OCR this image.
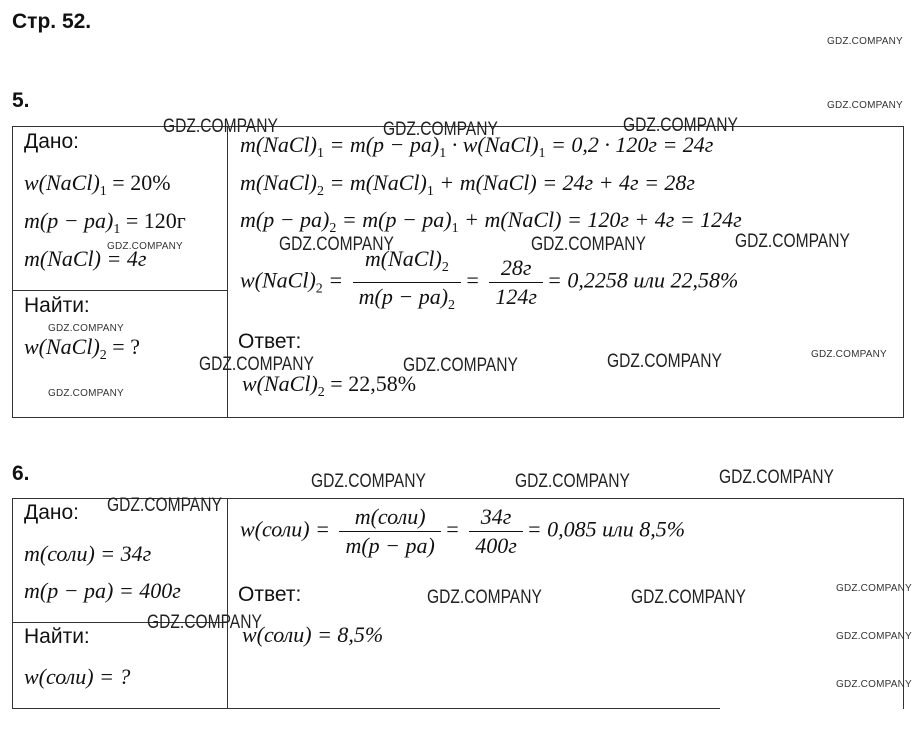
Стр. 52.
5.
Дано:
$w(NaCl)_1 = 20\%$
$m(p - pa)_1 = 120г$
m(NaCl) = 4г
Найти:
$w(NaCl)_2$ = ?
$m(NaCl)_1 = m(p - pa)_1$ · $w(NaCl)_1 = 0,2 \cdot 120г = 24г$
$m(NaCl)_2$ = $m(NaCl)_1$ + m(NaCl) = 24г + 4г = 28г
$m(p - pa)_2 = m(p - pa)_1$ + m(NaCl) = 120г + 4г = 124г
$w(NaCl)_2 = \frac{m(NaCl)_2}{m(p - pa)_2} = \frac{28г}{124г} = 0,2258$ или 22,58%
Ответ:
$w(NaCl)_2 = 22,58\%$
6.
Дано:
m(соли) = 34г
m(p − pa) = 400г
Найти:
w(соли) = ?
w(соли) = $\frac{\text{m(соли)}}{m(p - pa)} = \frac{34г}{400г} = 0,085$ или 8,5%
Ответ:
w(соли) = 8,5%
GDZ.COMPANY
GDZ.COMPANY
GDZ.COMPANY	GDZ.COMPANY	GDZ.COMPANY
GDZ.COMPANY	GDZ.COMPANY	GDZ.COMPANY	GDZ.COMPANY
GDZ.COMPANY
GDZ.COMPANY	GDZ.COMPANY	GDZ.COMPANY	GDZ.COMPANY
GDZ.COMPANY
GDZ.COMPANY	GDZ.COMPANY	GDZ.COMPANY
GDZ.COMPANY
GDZ.COMPANY
GDZ.COMPANY	GDZ.COMPANY
GDZ.COMPANY
GDZ.COMPANY
GDZ.COMPANY
